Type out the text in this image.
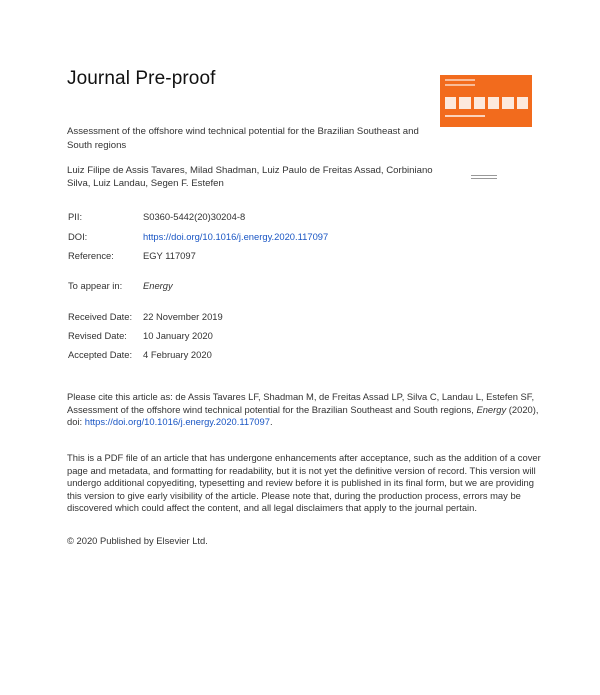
Journal Pre-proof
Assessment of the offshore wind technical potential for the Brazilian Southeast and South regions
Luiz Filipe de Assis Tavares, Milad Shadman, Luiz Paulo de Freitas Assad, Corbiniano Silva, Luiz Landau, Segen F. Estefen
PII:	S0360-5442(20)30204-8
DOI:	https://doi.org/10.1016/j.energy.2020.117097
Reference:	EGY 117097
To appear in: Energy
Received Date: 22 November 2019
Revised Date: 10 January 2020
Accepted Date: 4 February 2020
Please cite this article as: de Assis Tavares LF, Shadman M, de Freitas Assad LP, Silva C, Landau L, Estefen SF, Assessment of the offshore wind technical potential for the Brazilian Southeast and South regions, Energy (2020), doi: https://doi.org/10.1016/j.energy.2020.117097.
This is a PDF file of an article that has undergone enhancements after acceptance, such as the addition of a cover page and metadata, and formatting for readability, but it is not yet the definitive version of record. This version will undergo additional copyediting, typesetting and review before it is published in its final form, but we are providing this version to give early visibility of the article. Please note that, during the production process, errors may be discovered which could affect the content, and all legal disclaimers that apply to the journal pertain.
© 2020 Published by Elsevier Ltd.
